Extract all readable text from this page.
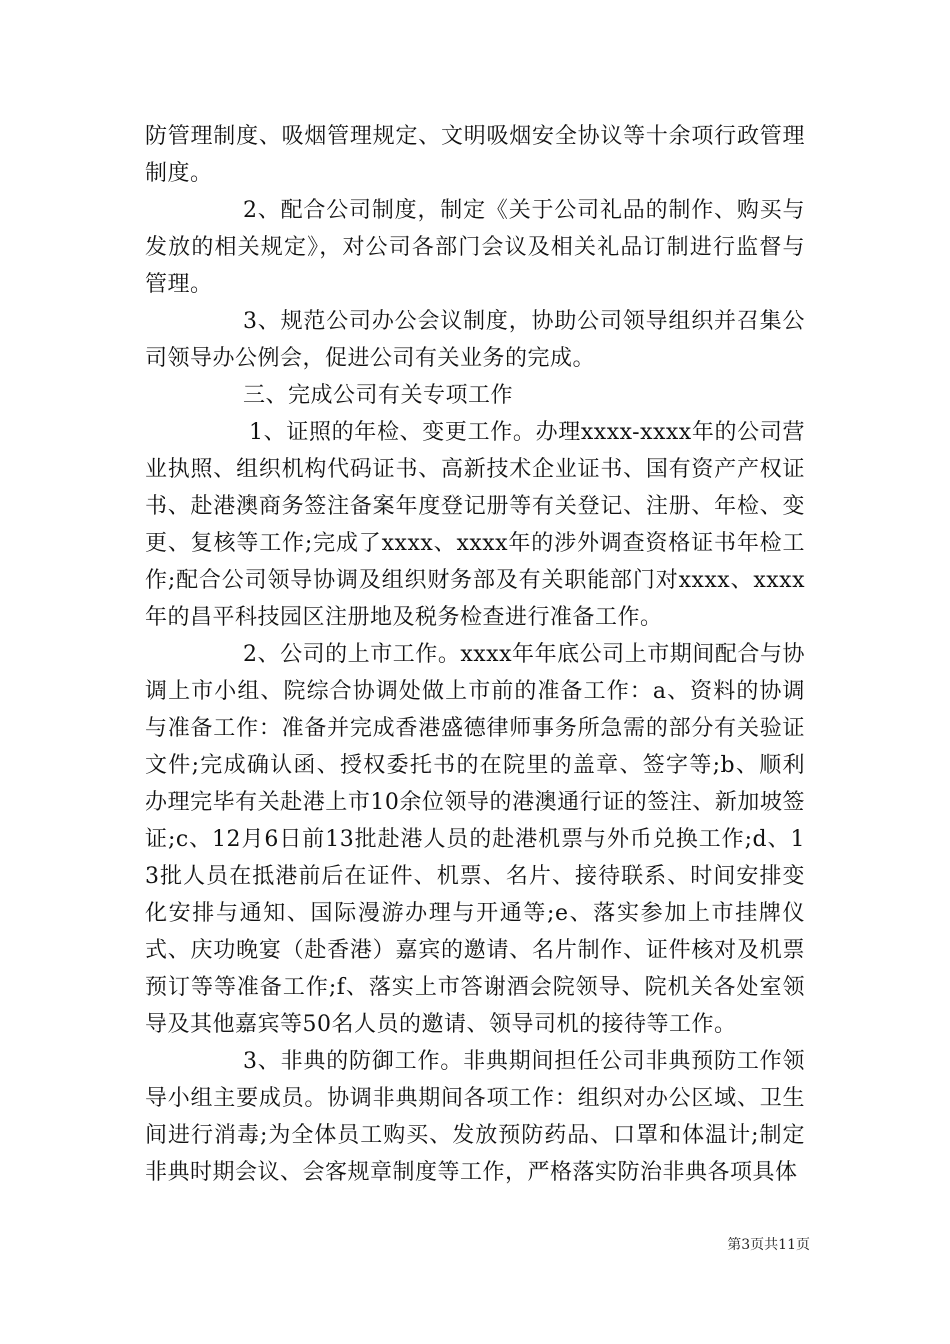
防管理制度、吸烟管理规定、文明吸烟安全协议等十余项行政管理制度。

2、配合公司制度，制定《关于公司礼品的制作、购买与发放的相关规定》，对公司各部门会议及相关礼品订制进行监督与管理。

3、规范公司办公会议制度，协助公司领导组织并召集公司领导办公例会，促进公司有关业务的完成。

三、完成公司有关专项工作

1、证照的年检、变更工作。办理xxxx-xxxx年的公司营业执照、组织机构代码证书、高新技术企业证书、国有资产产权证书、赴港澳商务签注备案年度登记册等有关登记、注册、年检、变更、复核等工作;完成了xxxx、xxxx年的涉外调查资格证书年检工作;配合公司领导协调及组织财务部及有关职能部门对xxxx、xxxx年的昌平科技园区注册地及税务检查进行准备工作。

2、公司的上市工作。xxxx年年底公司上市期间配合与协调上市小组、院综合协调处做上市前的准备工作：a、资料的协调与准备工作：准备并完成香港盛德律师事务所急需的部分有关验证文件;完成确认函、授权委托书的在院里的盖章、签字等;b、顺利办理完毕有关赴港上市10余位领导的港澳通行证的签注、新加坡签证;c、12月6日前13批赴港人员的赴港机票与外币兑换工作;d、13批人员在抵港前后在证件、机票、名片、接待联系、时间安排变化安排与通知、国际漫游办理与开通等;e、落实参加上市挂牌仪式、庆功晚宴（赴香港）嘉宾的邀请、名片制作、证件核对及机票预订等等准备工作;f、落实上市答谢酒会院领导、院机关各处室领导及其他嘉宾等50名人员的邀请、领导司机的接待等工作。

3、非典的防御工作。非典期间担任公司非典预防工作领导小组主要成员。协调非典期间各项工作：组织对办公区域、卫生间进行消毒;为全体员工购买、发放预防药品、口罩和体温计;制定非典时期会议、会客规章制度等工作，严格落实防治非典各项具体

第3页共11页
